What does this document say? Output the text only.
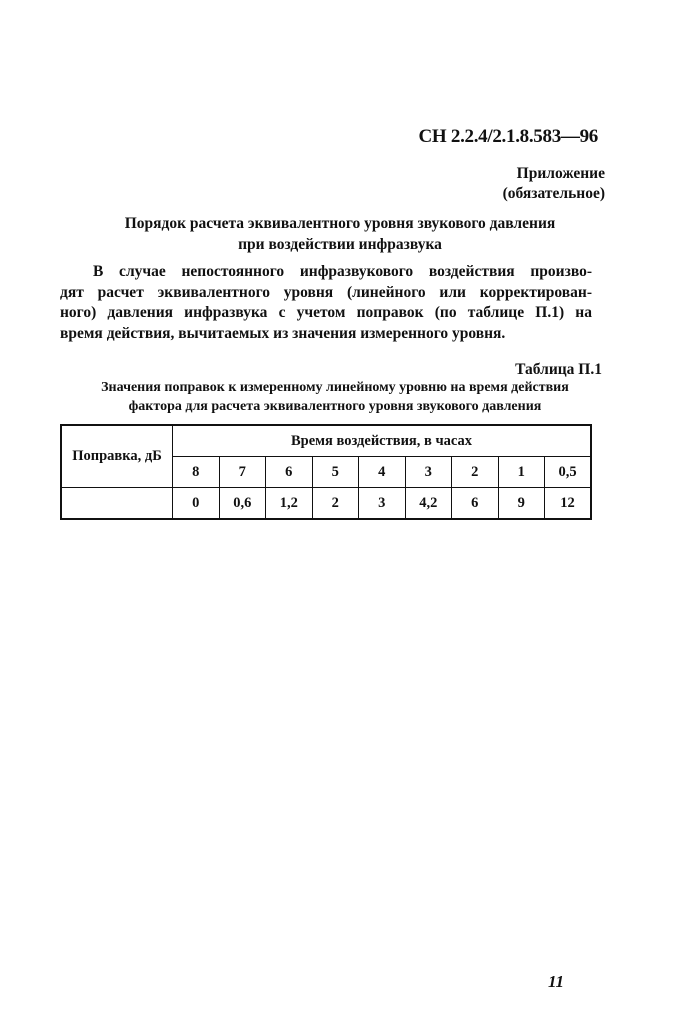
СН 2.2.4/2.1.8.583—96
Приложение
(обязательное)
Порядок расчета эквивалентного уровня звукового давления
при воздействии инфразвука
В случае непостоянного инфразвукового воздействия произво-
дят расчет эквивалентного уровня (линейного или корректирован-
ного) давления инфразвука с учетом поправок (по таблице П.1) на
время действия, вычитаемых из значения измеренного уровня.
Таблица П.1
Значения поправок к измеренному линейному уровню на время действия
фактора для расчета эквивалентного уровня звукового давления
Поправка, дБ	Время воздействия, в часах								
	8	7	6	5	4	3	2	1	0,5
	0	0,6	1,2	2	3	4,2	6	9	12
11
